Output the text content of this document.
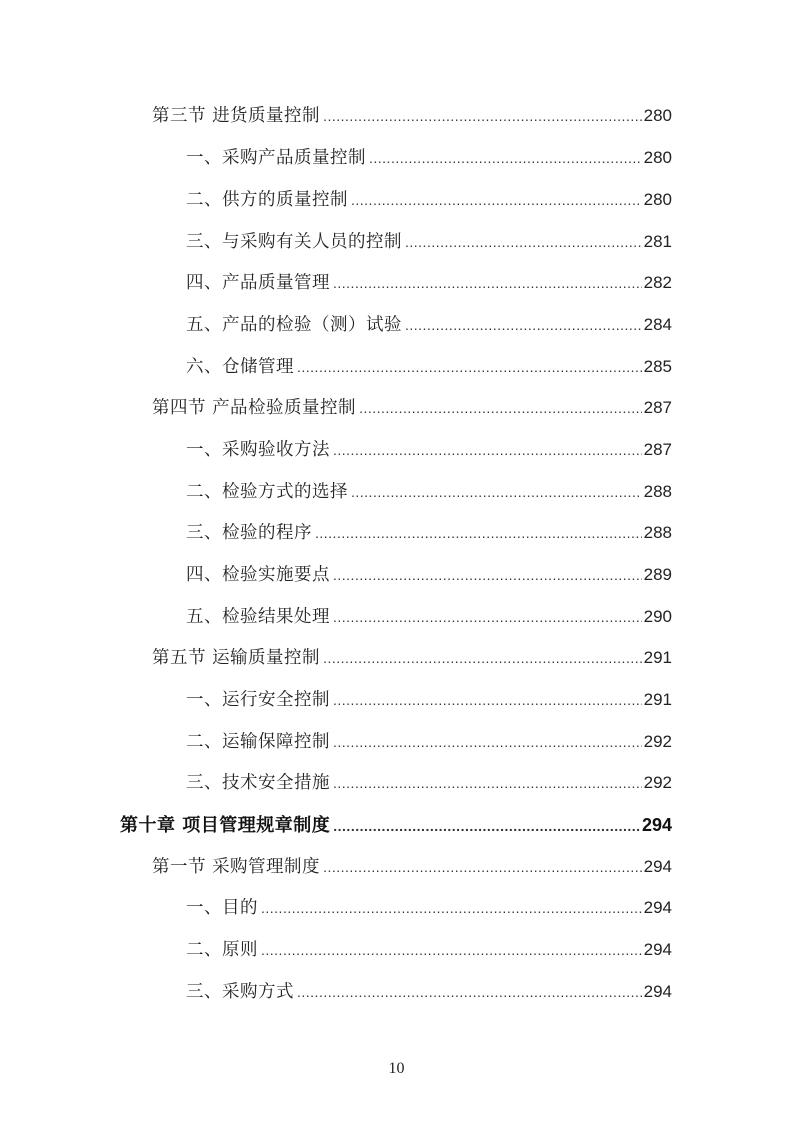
第三节 进货质量控制 .....	280
一、采购产品质量控制 .....	280
二、供方的质量控制 .....	280
三、与采购有关人员的控制 .....	281
四、产品质量管理 .....	282
五、产品的检验（测）试验 .....	284
六、仓储管理 .....	285
第四节 产品检验质量控制 .....	287
一、采购验收方法 .....	287
二、检验方式的选择 .....	288
三、检验的程序 .....	288
四、检验实施要点 .....	289
五、检验结果处理 .....	290
第五节 运输质量控制 .....	291
一、运行安全控制 .....	291
二、运输保障控制 .....	292
三、技术安全措施 .....	292
第十章 项目管理规章制度 .....	294
第一节 采购管理制度 .....	294
一、目的 .....	294
二、原则 .....	294
三、采购方式 .....	294
10
